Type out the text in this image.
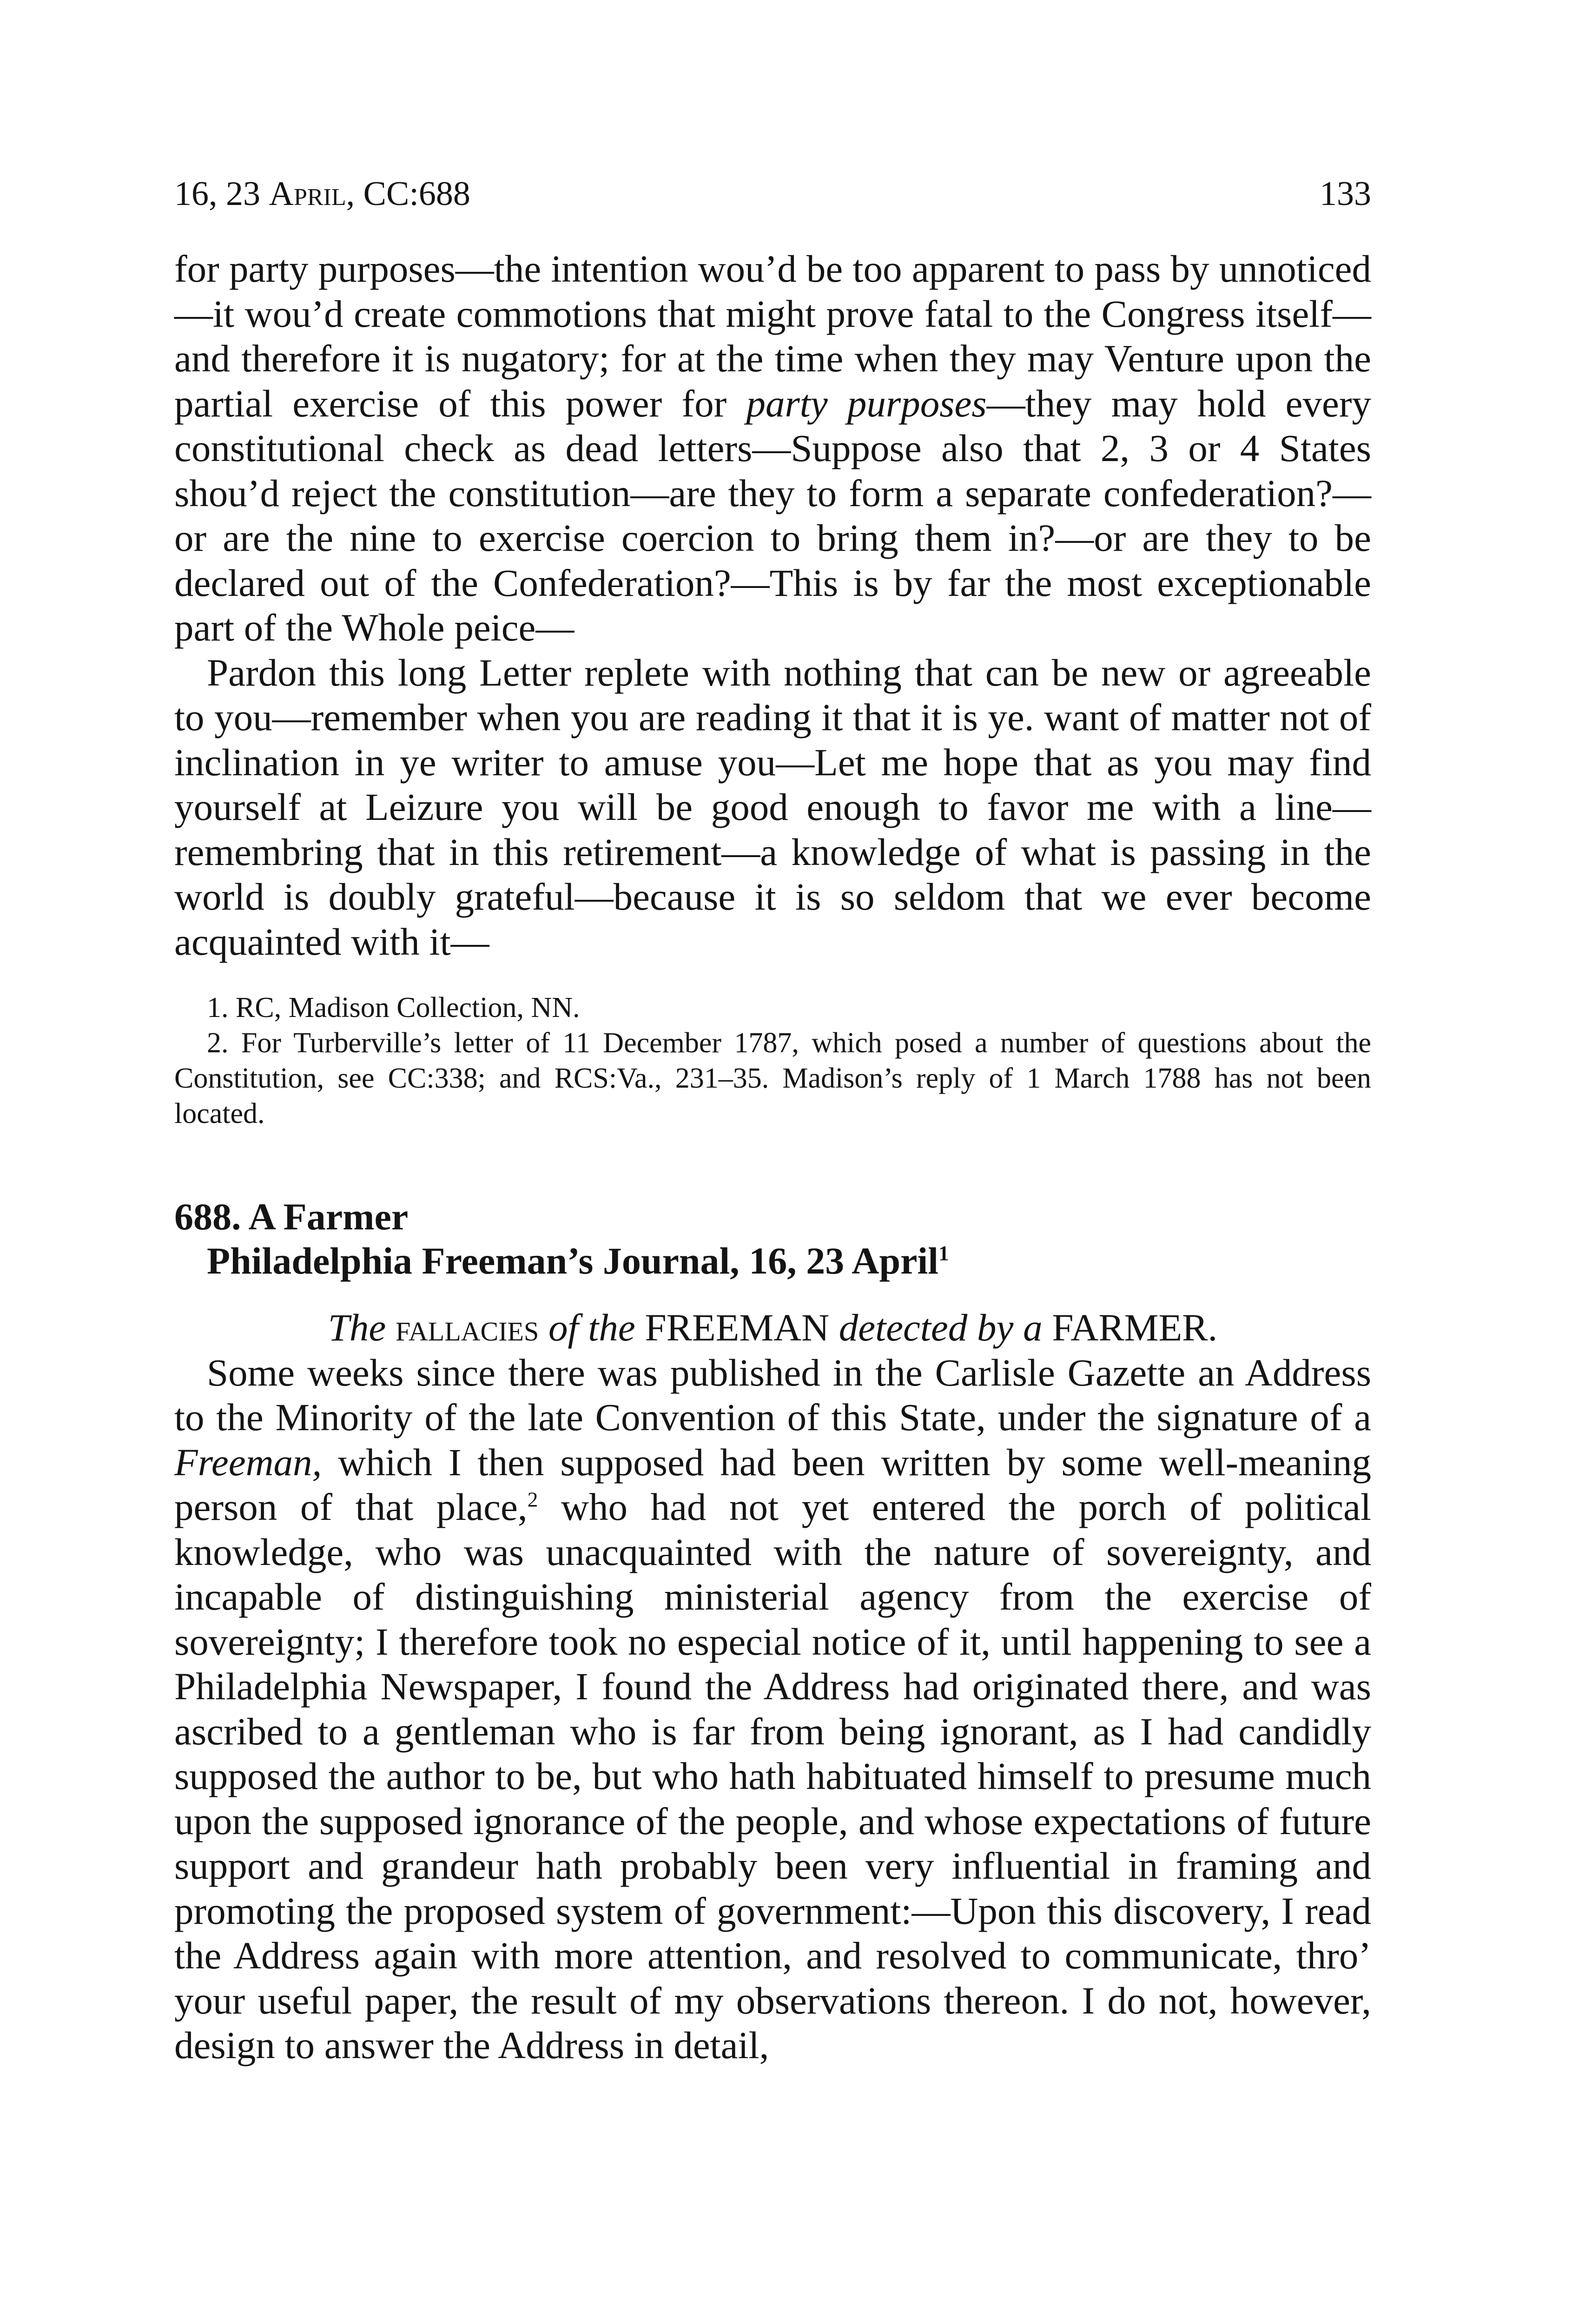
16, 23 April, CC:688	133

for party purposes—the intention wou’d be too apparent to pass by unnoticed—it wou’d create commotions that might prove fatal to the Congress itself—and therefore it is nugatory; for at the time when they may Venture upon the partial exercise of this power for party purposes—they may hold every constitutional check as dead letters—Suppose also that 2, 3 or 4 States shou’d reject the constitution—are they to form a separate confederation?—or are the nine to exercise coercion to bring them in?—or are they to be declared out of the Confederation?—This is by far the most exceptionable part of the Whole peice—

Pardon this long Letter replete with nothing that can be new or agreeable to you—remember when you are reading it that it is ye. want of matter not of inclination in ye writer to amuse you—Let me hope that as you may find yourself at Leizure you will be good enough to favor me with a line—remembring that in this retirement—a knowledge of what is passing in the world is doubly grateful—because it is so seldom that we ever become acquainted with it—

1. RC, Madison Collection, NN.

2. For Turberville’s letter of 11 December 1787, which posed a number of questions about the Constitution, see CC:338; and RCS:Va., 231–35. Madison’s reply of 1 March 1788 has not been located.

688. A Farmer
Philadelphia Freeman’s Journal, 16, 23 April$^1$

The fallacies of the FREEMAN detected by a FARMER.

Some weeks since there was published in the Carlisle Gazette an Address to the Minority of the late Convention of this State, under the signature of a Freeman, which I then supposed had been written by some well-meaning person of that place,$^2$ who had not yet entered the porch of political knowledge, who was unacquainted with the nature of sovereignty, and incapable of distinguishing ministerial agency from the exercise of sovereignty; I therefore took no especial notice of it, until happening to see a Philadelphia Newspaper, I found the Address had originated there, and was ascribed to a gentleman who is far from being ignorant, as I had candidly supposed the author to be, but who hath habituated himself to presume much upon the supposed ignorance of the people, and whose expectations of future support and grandeur hath probably been very influential in framing and promoting the proposed system of government:—Upon this discovery, I read the Address again with more attention, and resolved to communicate, thro’ your useful paper, the result of my observations thereon. I do not, however, design to answer the Address in detail,
